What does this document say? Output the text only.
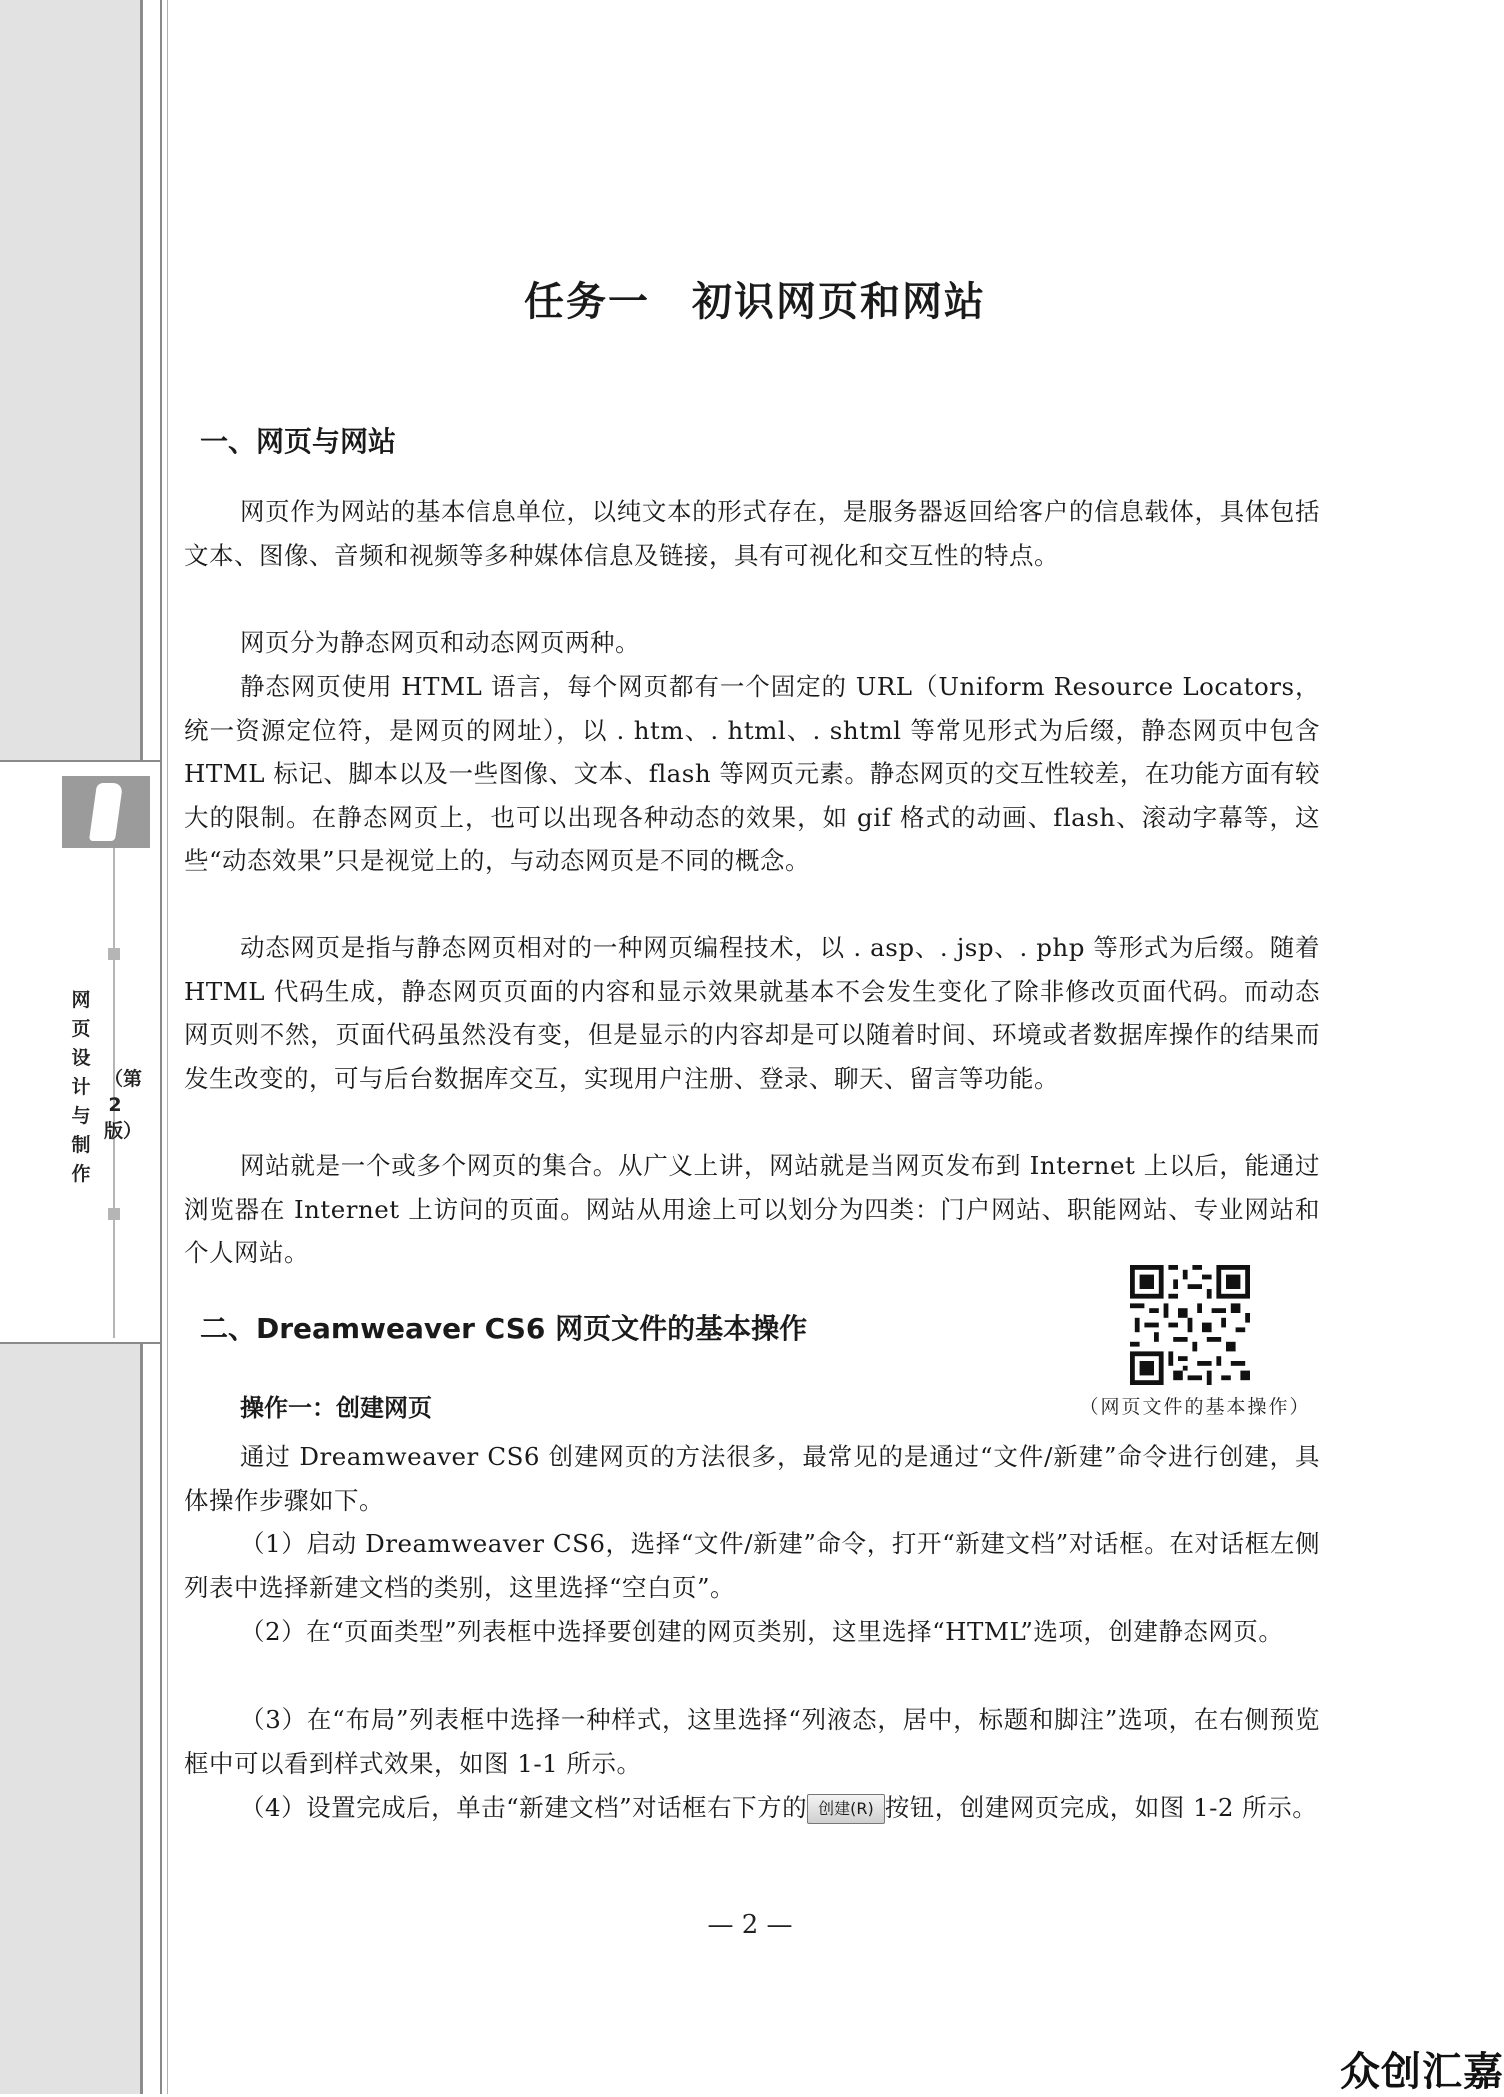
网页设计与制作
（第2版）
任务一　初识网页和网站
一、网页与网站
网页作为网站的基本信息单位，以纯文本的形式存在，是服务器返回给客户的信息载体，具体包括文本、图像、音频和视频等多种媒体信息及链接，具有可视化和交互性的特点。
网页分为静态网页和动态网页两种。
静态网页使用 HTML 语言，每个网页都有一个固定的 URL（Uniform Resource Locators，统一资源定位符，是网页的网址），以 . htm、. html、. shtml 等常见形式为后缀，静态网页中包含 HTML 标记、脚本以及一些图像、文本、flash 等网页元素。静态网页的交互性较差，在功能方面有较大的限制。在静态网页上，也可以出现各种动态的效果，如 gif 格式的动画、flash、滚动字幕等，这些“动态效果”只是视觉上的，与动态网页是不同的概念。
动态网页是指与静态网页相对的一种网页编程技术，以 . asp、. jsp、. php 等形式为后缀。随着 HTML 代码生成，静态网页页面的内容和显示效果就基本不会发生变化了除非修改页面代码。而动态网页则不然，页面代码虽然没有变，但是显示的内容却是可以随着时间、环境或者数据库操作的结果而发生改变的，可与后台数据库交互，实现用户注册、登录、聊天、留言等功能。
网站就是一个或多个网页的集合。从广义上讲，网站就是当网页发布到 Internet 上以后，能通过浏览器在 Internet 上访问的页面。网站从用途上可以划分为四类：门户网站、职能网站、专业网站和个人网站。
二、Dreamweaver CS6 网页文件的基本操作
（网页文件的基本操作）
操作一：创建网页
通过 Dreamweaver CS6 创建网页的方法很多，最常见的是通过“文件/新建”命令进行创建，具体操作步骤如下。
（1）启动 Dreamweaver CS6，选择“文件/新建”命令，打开“新建文档”对话框。在对话框左侧列表中选择新建文档的类别，这里选择“空白页”。
（2）在“页面类型”列表框中选择要创建的网页类别，这里选择“HTML”选项，创建静态网页。
（3）在“布局”列表框中选择一种样式，这里选择“列液态，居中，标题和脚注”选项，在右侧预览框中可以看到样式效果，如图 1-1 所示。
（4）设置完成后，单击“新建文档”对话框右下方的 创建(R) 按钮，创建网页完成，如图 1-2 所示。
— 2 —
众创汇嘉
